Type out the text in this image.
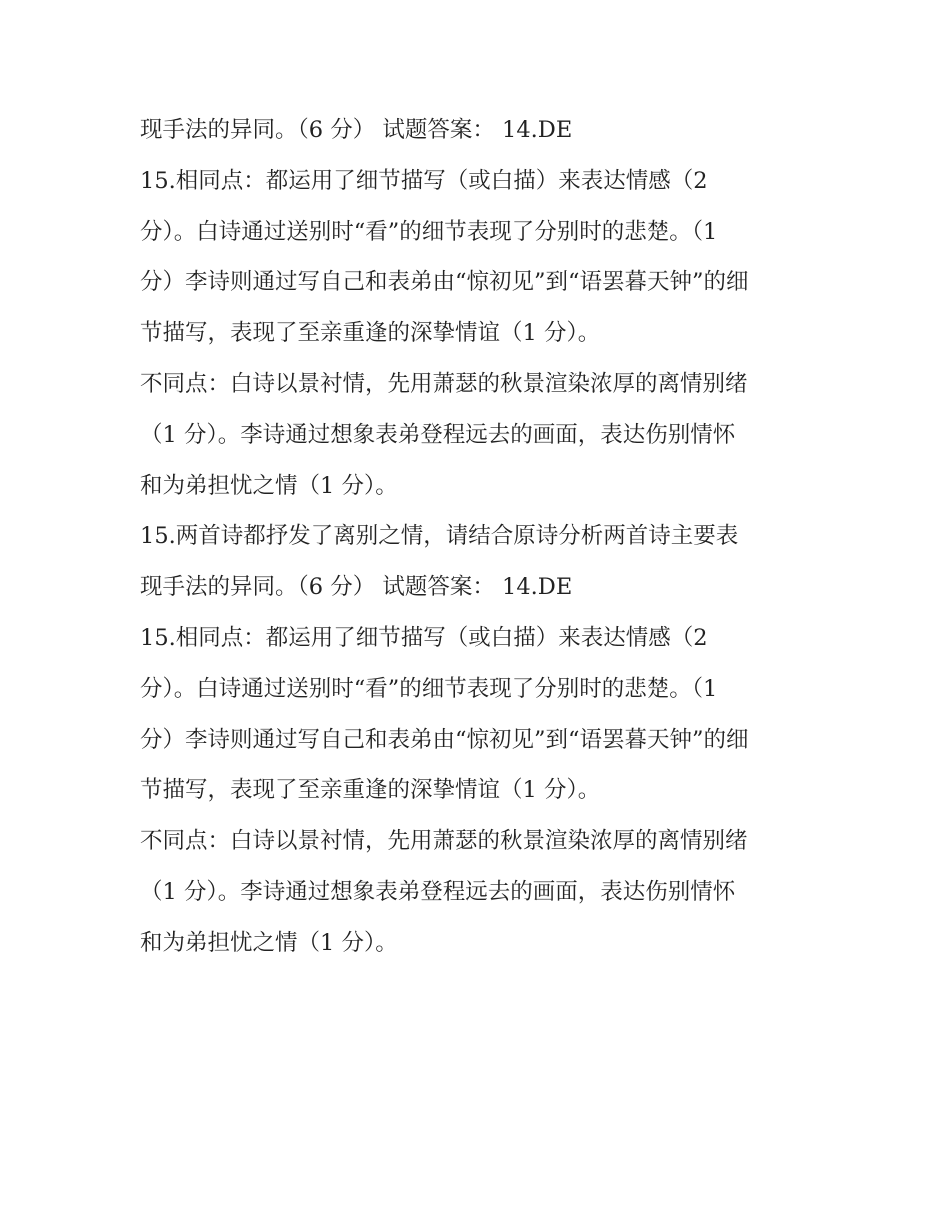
现手法的异同。（6 分） 试题答案： 14.DE
15.相同点：都运用了细节描写（或白描）来表达情感（2
分）。白诗通过送别时“看”的细节表现了分别时的悲楚。（1
分）李诗则通过写自己和表弟由“惊初见”到“语罢暮天钟”的细
节描写，表现了至亲重逢的深挚情谊（1 分）。
不同点：白诗以景衬情，先用萧瑟的秋景渲染浓厚的离情别绪
（1 分）。李诗通过想象表弟登程远去的画面，表达伤别情怀
和为弟担忧之情（1 分）。
15.两首诗都抒发了离别之情，请结合原诗分析两首诗主要表
现手法的异同。（6 分） 试题答案： 14.DE
15.相同点：都运用了细节描写（或白描）来表达情感（2
分）。白诗通过送别时“看”的细节表现了分别时的悲楚。（1
分）李诗则通过写自己和表弟由“惊初见”到“语罢暮天钟”的细
节描写，表现了至亲重逢的深挚情谊（1 分）。
不同点：白诗以景衬情，先用萧瑟的秋景渲染浓厚的离情别绪
（1 分）。李诗通过想象表弟登程远去的画面，表达伤别情怀
和为弟担忧之情（1 分）。
